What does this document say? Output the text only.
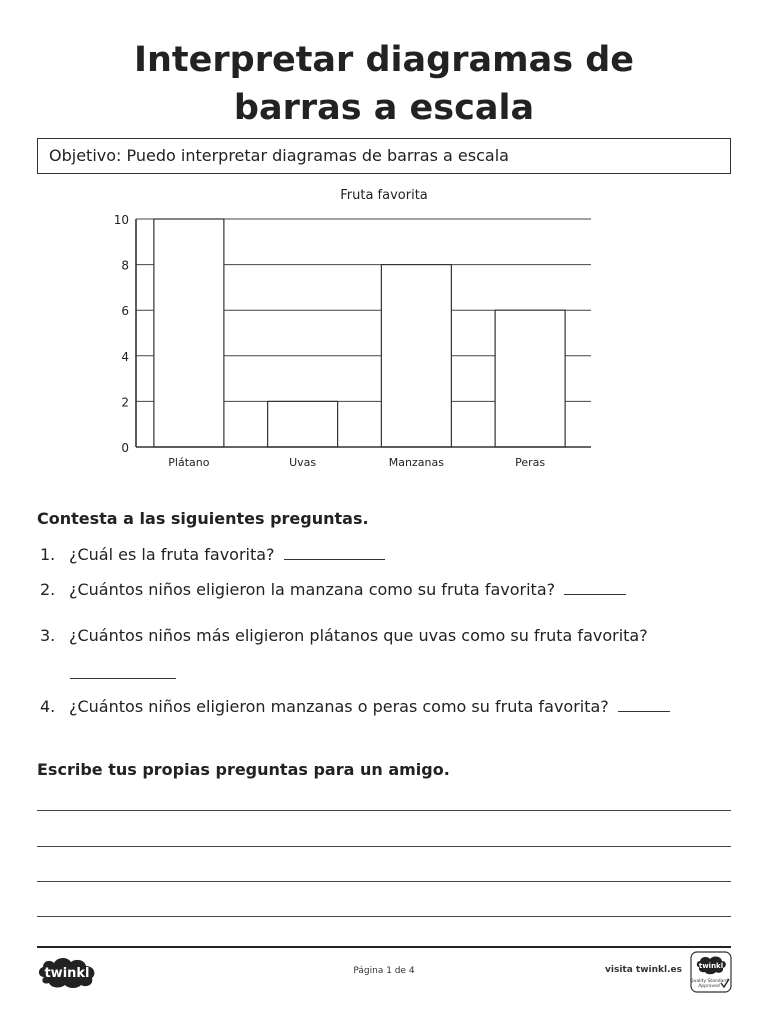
Interpretar diagramas de
barras a escala
Objetivo: Puedo interpretar diagramas de barras a escala
Fruta favorita
0
2
4
6
8
10
Plátano	Uvas	Manzanas	Peras
Contesta a las siguientes preguntas.
1. ¿Cuál es la fruta favorita?
2. ¿Cuántos niños eligieron la manzana como su fruta favorita?
3. ¿Cuántos niños más eligieron plátanos que uvas como su fruta favorita?
4. ¿Cuántos niños eligieron manzanas o peras como su fruta favorita?
Escribe tus propias preguntas para un amigo.
twinkl	Página 1 de 4	visita twinkl.es twinkl
Quality Standard
Approved
